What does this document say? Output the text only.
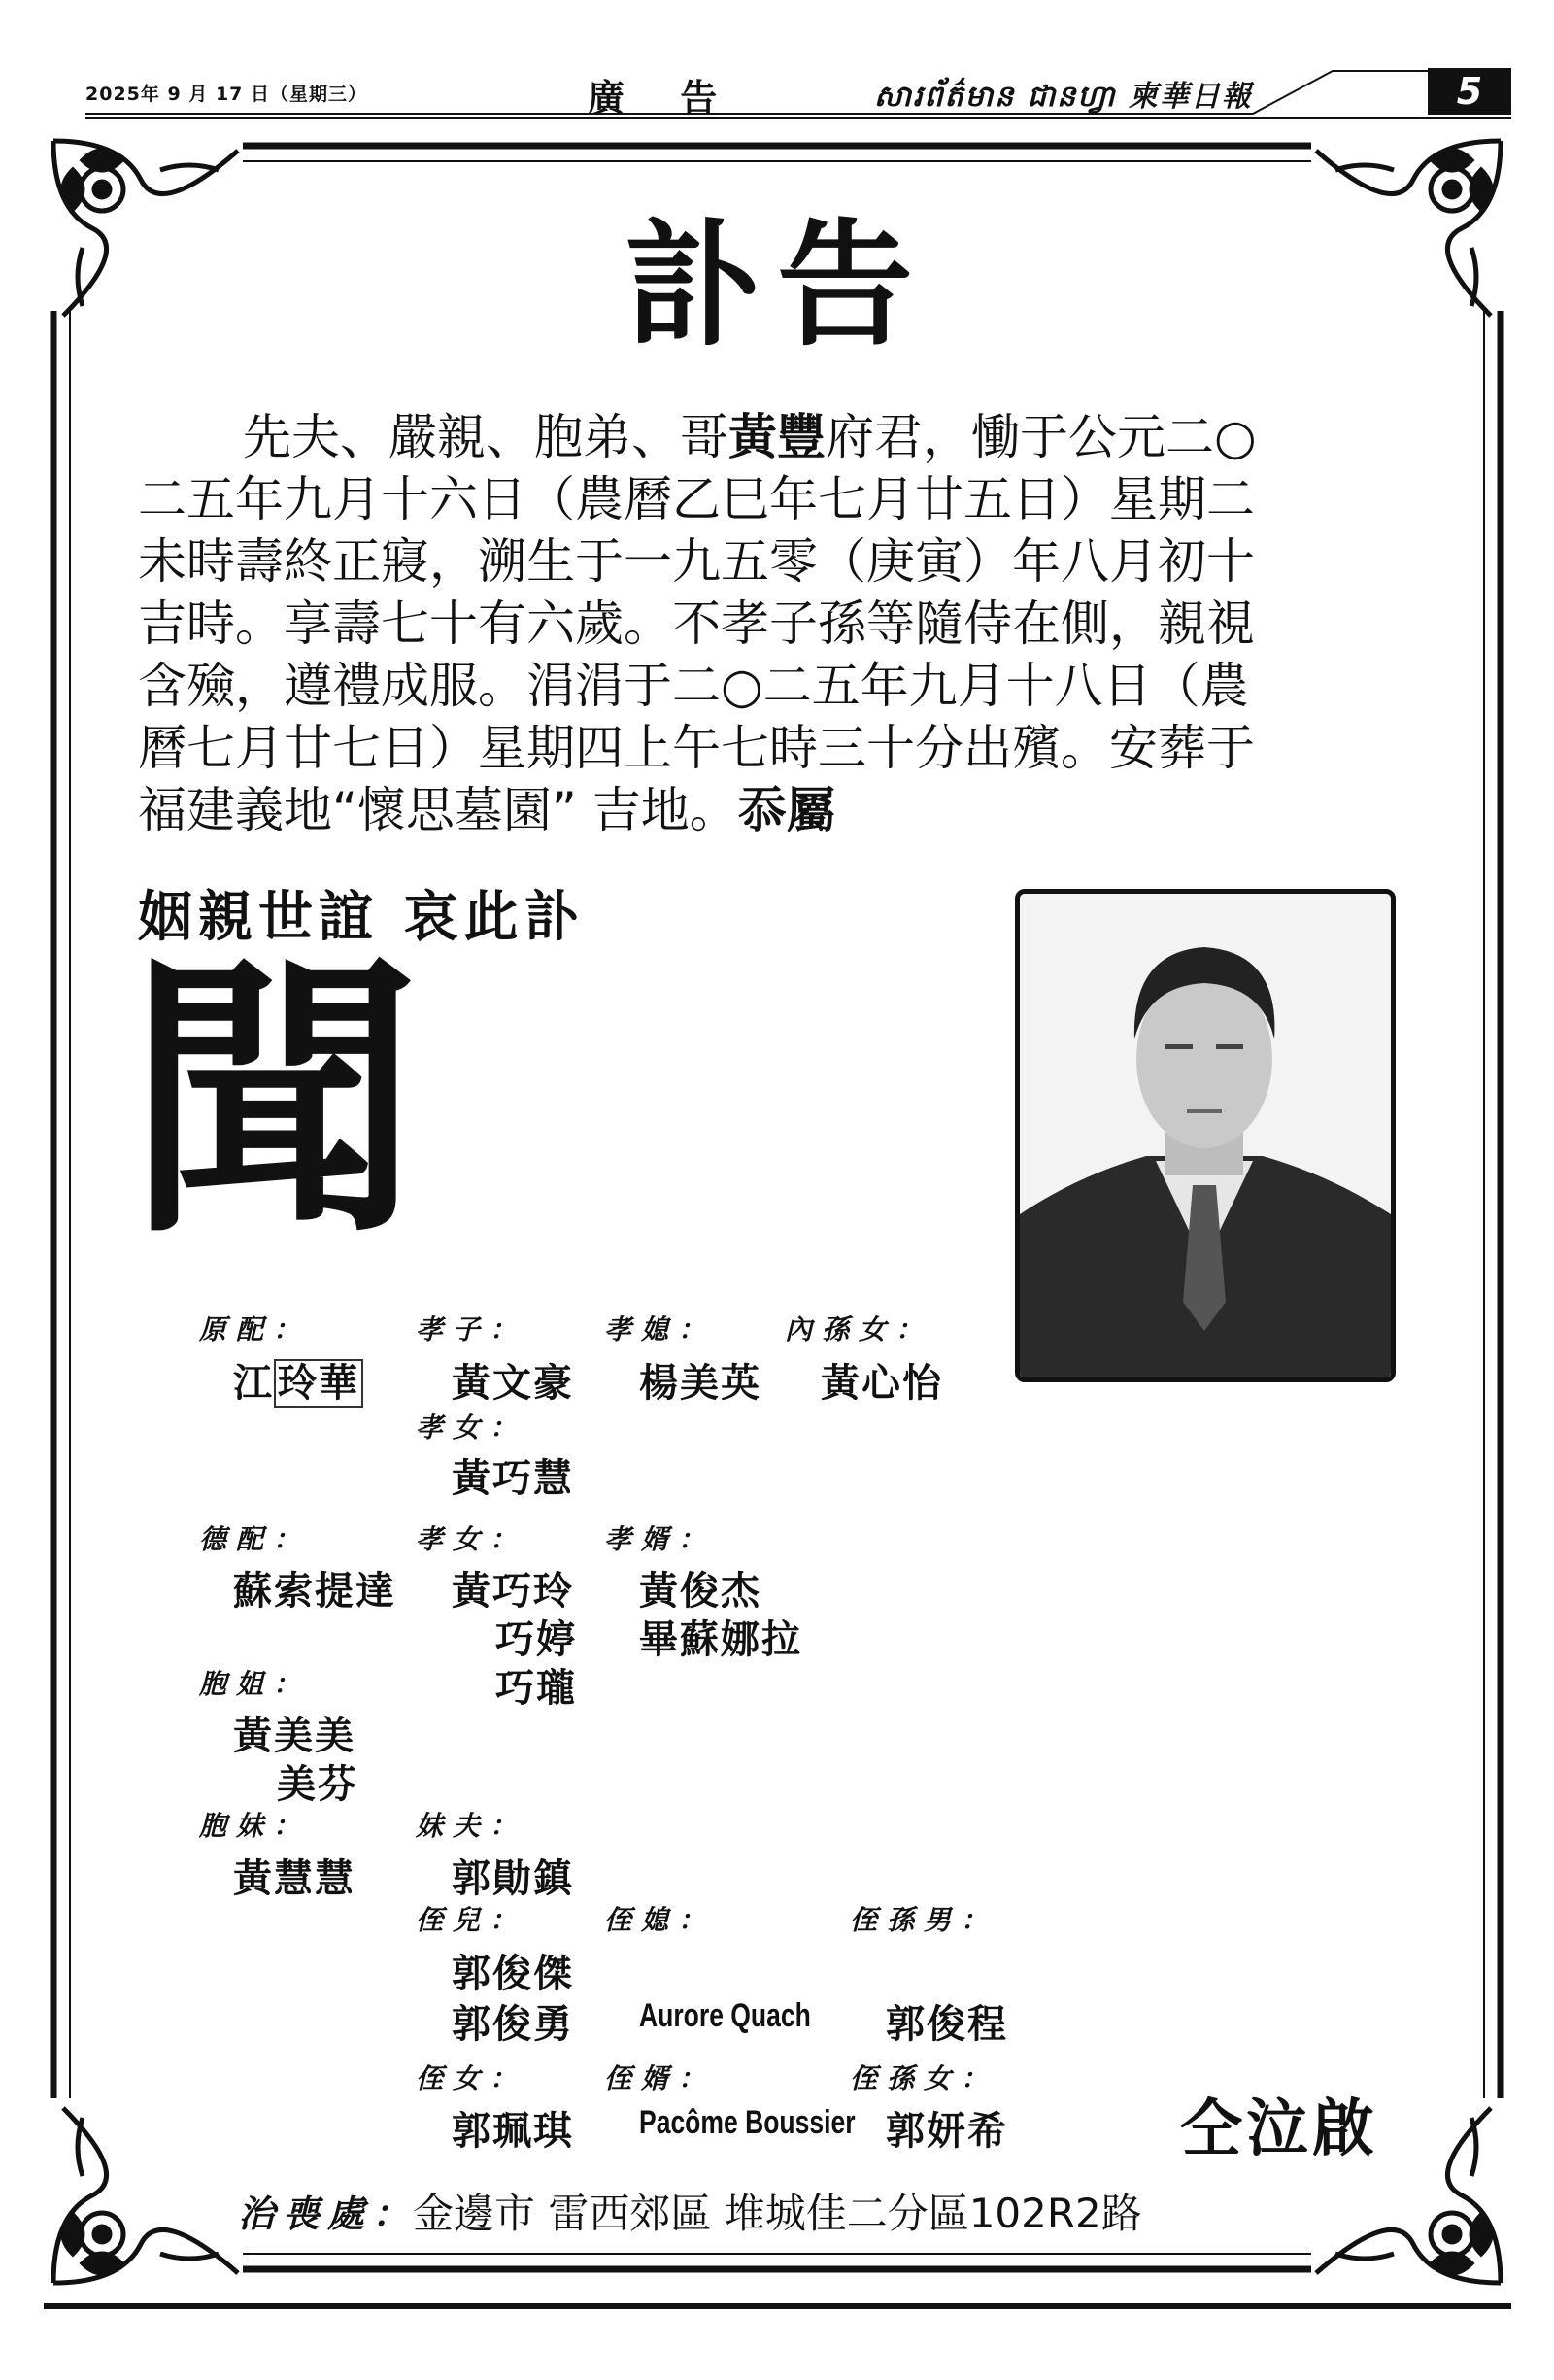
2025年 9 月 17 日（星期三）	廣 告	សារព័ត៌មាន ជានហ្វា 柬華日報	5
訃告
先夫、嚴親、胞弟、哥黃豐府君，慟于公元二○
二五年九月十六日（農曆乙巳年七月廿五日）星期二
未時壽終正寢，溯生于一九五零（庚寅）年八月初十
吉時。享壽七十有六歲。不孝子孫等隨侍在側，親視
含殮，遵禮成服。涓涓于二○二五年九月十八日（農
曆七月廿七日）星期四上午七時三十分出殯。安葬于
福建義地“懷思墓園” 吉地。忝屬
姻親世誼 哀此訃
聞
原配：
江 玲華
孝子：
黃文豪
孝媳：
楊美英
內孫女：
黃心怡
孝女：
黃巧慧
德配：
蘇索提達
孝女：
黃巧玲
巧婷
巧瓏
孝婿：
黃俊杰
畢蘇娜拉
胞姐：
黃美美
美芬
胞妹：
黃慧慧
妹夫：
郭勛鎮
侄兒：
郭俊傑
郭俊勇
侄媳：
Aurore Quach
侄孫男：
郭俊程
侄女：
郭珮琪
侄婿：
Pacôme Boussier
侄孫女：
郭妍希	仝泣啟
治喪處：
金邊市 雷西郊區 堆城佳二分區102R2路
